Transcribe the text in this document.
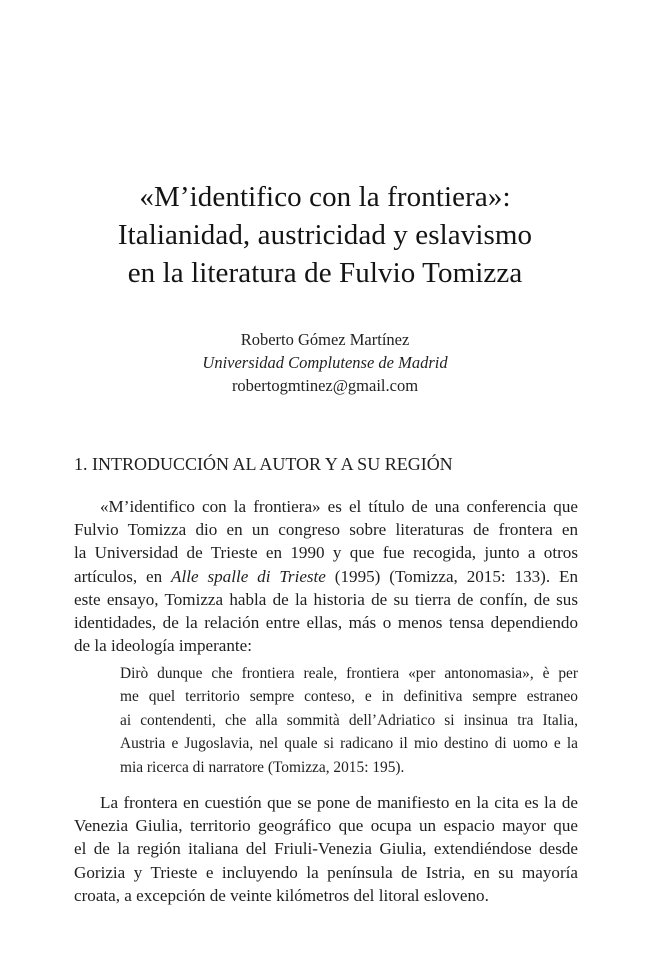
«M’identifico con la frontiera»:
Italianidad, austricidad y eslavismo
en la literatura de Fulvio Tomizza
Roberto Gómez Martínez
Universidad Complutense de Madrid
robertogmtinez@gmail.com
1. INTRODUCCIÓN AL AUTOR Y A SU REGIÓN

«M’identifico con la frontiera» es el título de una conferencia que
Fulvio Tomizza dio en un congreso sobre literaturas de frontera en
la Universidad de Trieste en 1990 y que fue recogida, junto a otros
artículos, en Alle spalle di Trieste (1995) (Tomizza, 2015: 133). En
este ensayo, Tomizza habla de la historia de su tierra de confín, de sus
identidades, de la relación entre ellas, más o menos tensa dependiendo
de la ideología imperante:

Dirò dunque che frontiera reale, frontiera «per antonomasia», è per
me quel territorio sempre conteso, e in definitiva sempre estraneo
ai contendenti, che alla sommità dell’Adriatico si insinua tra Italia,
Austria e Jugoslavia, nel quale si radicano il mio destino di uomo e la
mia ricerca di narratore (Tomizza, 2015: 195).

La frontera en cuestión que se pone de manifiesto en la cita es la de
Venezia Giulia, territorio geográfico que ocupa un espacio mayor que
el de la región italiana del Friuli-Venezia Giulia, extendiéndose desde
Gorizia y Trieste e incluyendo la península de Istria, en su mayoría
croata, a excepción de veinte kilómetros del litoral esloveno.
